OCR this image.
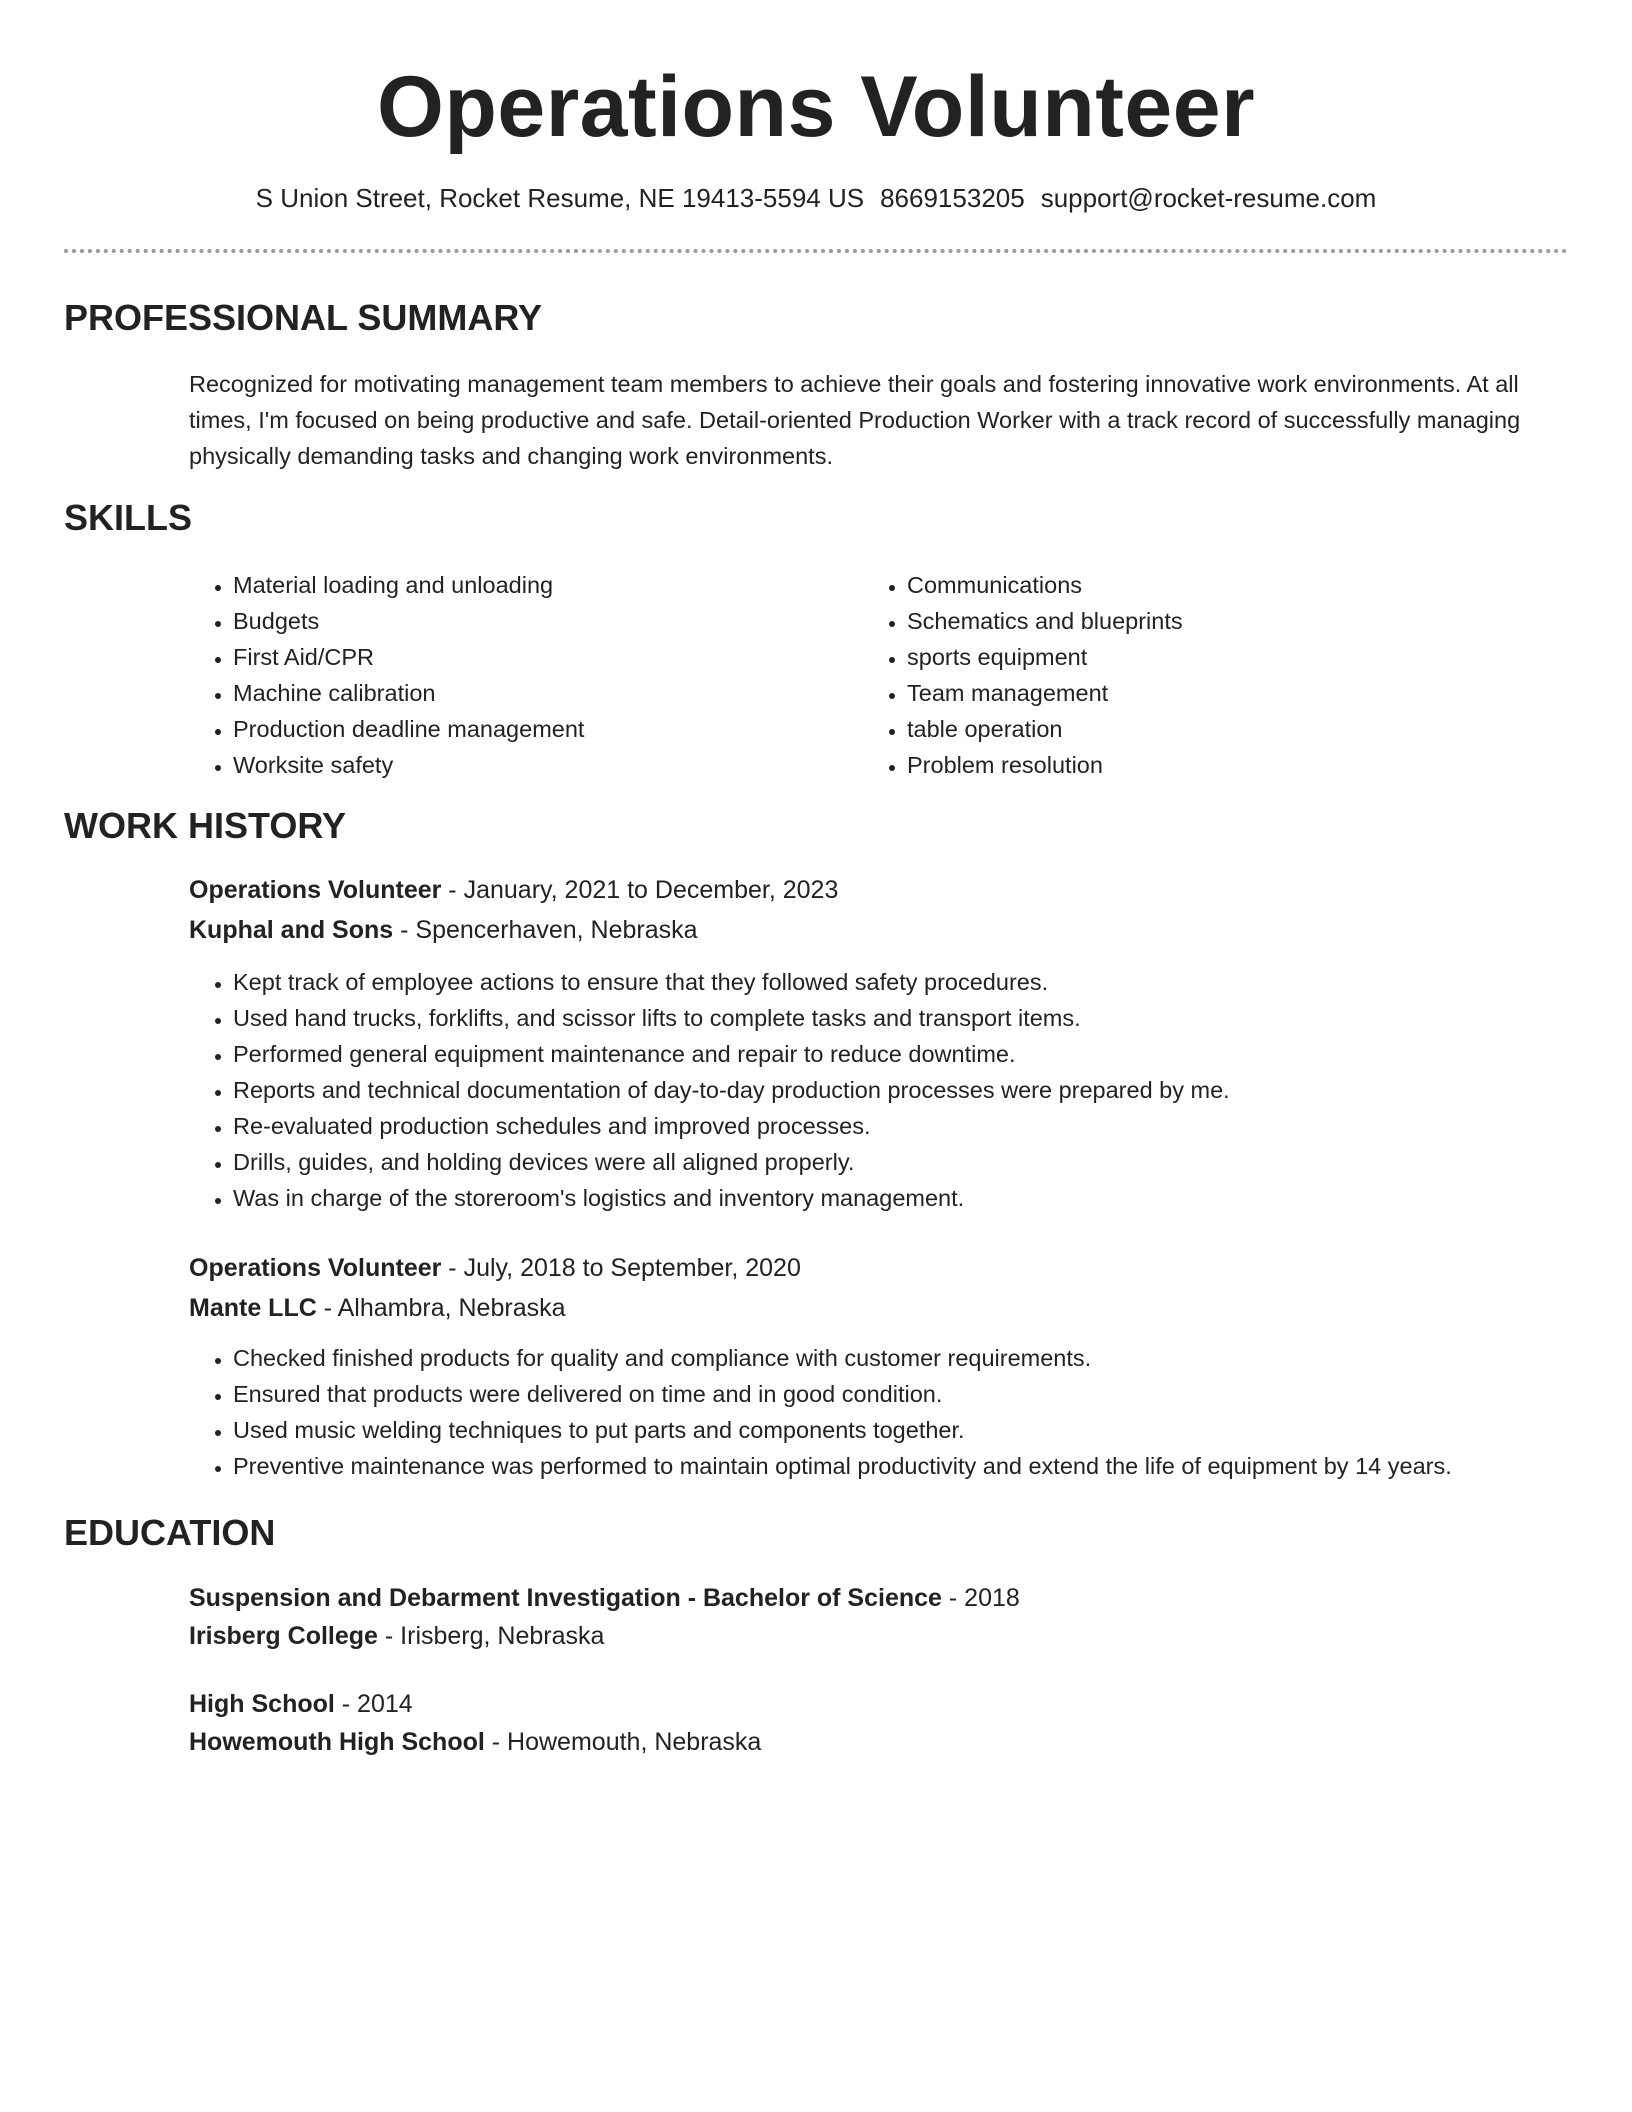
Operations Volunteer
S Union Street, Rocket Resume, NE 19413-5594 US 8669153205 support@rocket-resume.com
PROFESSIONAL SUMMARY

Recognized for motivating management team members to achieve their goals and fostering innovative work environments. At all times, I'm focused on being productive and safe. Detail-oriented Production Worker with a track record of successfully managing physically demanding tasks and changing work environments.

SKILLS
• Material loading and unloading
• Budgets
• First Aid/CPR
• Machine calibration
• Production deadline management
• Worksite safety
• Communications
• Schematics and blueprints
• sports equipment
• Team management
• table operation
• Problem resolution
WORK HISTORY
Operations Volunteer - January, 2021 to December, 2023
Kuphal and Sons - Spencerhaven, Nebraska
• Kept track of employee actions to ensure that they followed safety procedures.
• Used hand trucks, forklifts, and scissor lifts to complete tasks and transport items.
• Performed general equipment maintenance and repair to reduce downtime.
• Reports and technical documentation of day-to-day production processes were prepared by me.
• Re-evaluated production schedules and improved processes.
• Drills, guides, and holding devices were all aligned properly.
• Was in charge of the storeroom's logistics and inventory management.
Operations Volunteer - July, 2018 to September, 2020
Mante LLC - Alhambra, Nebraska
• Checked finished products for quality and compliance with customer requirements.
• Ensured that products were delivered on time and in good condition.
• Used music welding techniques to put parts and components together.
• Preventive maintenance was performed to maintain optimal productivity and extend the life of equipment by 14 years.
EDUCATION
Suspension and Debarment Investigation - Bachelor of Science - 2018
Irisberg College - Irisberg, Nebraska
High School - 2014
Howemouth High School - Howemouth, Nebraska
